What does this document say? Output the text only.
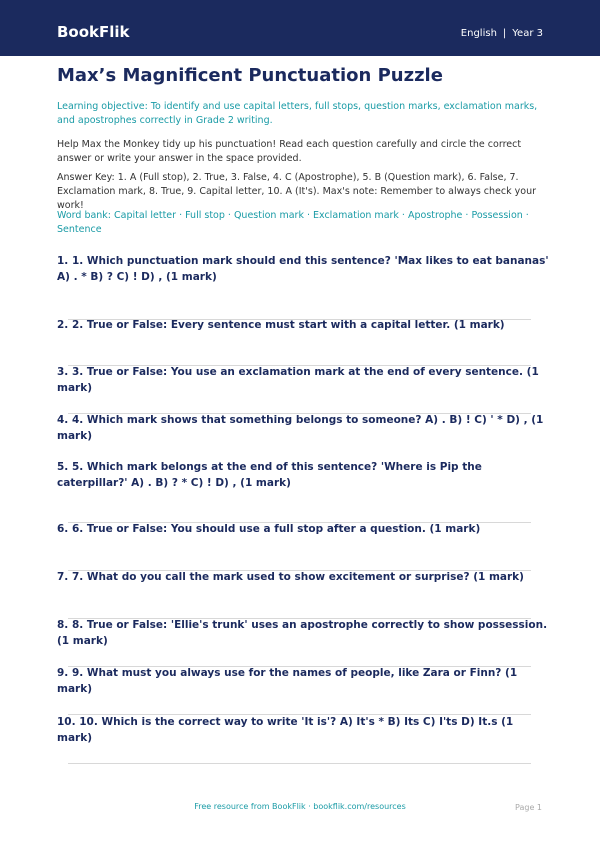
BookFlik	English | Year 3
Max’s Magnificent Punctuation Puzzle

Learning objective: To identify and use capital letters, full stops, question marks, exclamation marks, and apostrophes correctly in Grade 2 writing.

Help Max the Monkey tidy up his punctuation! Read each question carefully and circle the correct answer or write your answer in the space provided.

Answer Key: 1. A (Full stop), 2. True, 3. False, 4. C (Apostrophe), 5. B (Question mark), 6. False, 7. Exclamation mark, 8. True, 9. Capital letter, 10. A (It's). Max's note: Remember to always check your work!

Word bank: Capital letter · Full stop · Question mark · Exclamation mark · Apostrophe · Possession · Sentence

1. 1. Which punctuation mark should end this sentence? 'Max likes to eat bananas' A) . * B) ? C) ! D) , (1 mark)

2. 2. True or False: Every sentence must start with a capital letter. (1 mark)

3. 3. True or False: You use an exclamation mark at the end of every sentence. (1 mark)

4. 4. Which mark shows that something belongs to someone? A) . B) ! C) ' * D) , (1 mark)

5. 5. Which mark belongs at the end of this sentence? 'Where is Pip the caterpillar?' A) . B) ? * C) ! D) , (1 mark)

6. 6. True or False: You should use a full stop after a question. (1 mark)

7. 7. What do you call the mark used to show excitement or surprise? (1 mark)

8. 8. True or False: 'Ellie's trunk' uses an apostrophe correctly to show possession. (1 mark)

9. 9. What must you always use for the names of people, like Zara or Finn? (1 mark)

10. 10. Which is the correct way to write 'It is'? A) It's * B) Its C) I'ts D) It.s (1 mark)

Free resource from BookFlik · bookflik.com/resources	Page 1
